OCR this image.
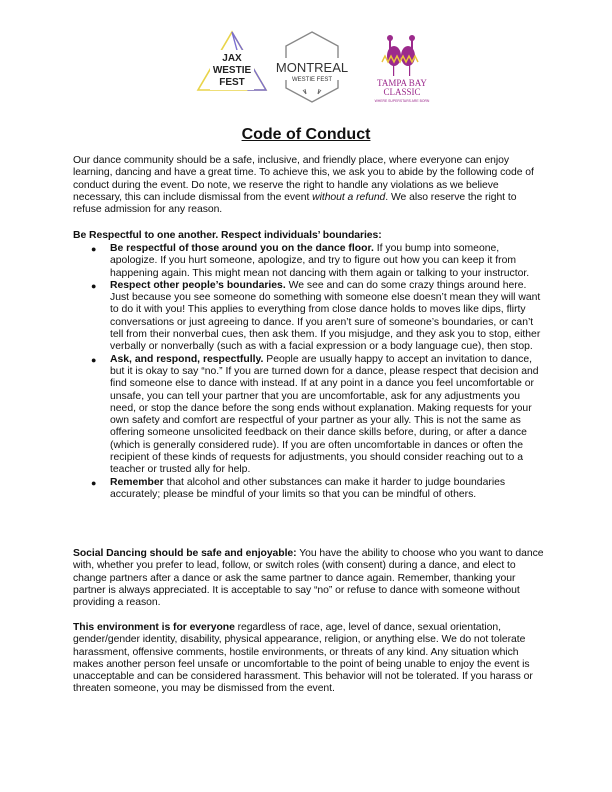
JAX
WESTIE
FEST
MONTREAL
WESTIE FEST	TAMPA BAY
CLASSIC
WHERE SUPERSTARS ARE BORN
Code of Conduct
Our dance community should be a safe, inclusive, and friendly place, where everyone can enjoy learning, dancing and have a great time. To achieve this, we ask you to abide by the following code of conduct during the event. Do note, we reserve the right to handle any violations as we believe necessary, this can include dismissal from the event without a refund. We also reserve the right to refuse admission for any reason.
Be Respectful to one another. Respect individuals’ boundaries:
● Be respectful of those around you on the dance floor. If you bump into someone, apologize. If you hurt someone, apologize, and try to figure out how you can keep it from happening again. This might mean not dancing with them again or talking to your instructor.
● Respect other people’s boundaries. We see and can do some crazy things around here. Just because you see someone do something with someone else doesn’t mean they will want to do it with you! This applies to everything from close dance holds to moves like dips, flirty conversations or just agreeing to dance. If you aren’t sure of someone’s boundaries, or can’t tell from their nonverbal cues, then ask them. If you misjudge, and they ask you to stop, either verbally or nonverbally (such as with a facial expression or a body language cue), then stop.
● Ask, and respond, respectfully. People are usually happy to accept an invitation to dance, but it is okay to say “no.” If you are turned down for a dance, please respect that decision and find someone else to dance with instead. If at any point in a dance you feel uncomfortable or unsafe, you can tell your partner that you are uncomfortable, ask for any adjustments you need, or stop the dance before the song ends without explanation. Making requests for your own safety and comfort are respectful of your partner as your ally. This is not the same as offering someone unsolicited feedback on their dance skills before, during, or after a dance (which is generally considered rude). If you are often uncomfortable in dances or often the recipient of these kinds of requests for adjustments, you should consider reaching out to a teacher or trusted ally for help.
● Remember that alcohol and other substances can make it harder to judge boundaries accurately; please be mindful of your limits so that you can be mindful of others.
Social Dancing should be safe and enjoyable: You have the ability to choose who you want to dance with, whether you prefer to lead, follow, or switch roles (with consent) during a dance, and elect to change partners after a dance or ask the same partner to dance again. Remember, thanking your partner is always appreciated. It is acceptable to say “no” or refuse to dance with someone without providing a reason.
This environment is for everyone regardless of race, age, level of dance, sexual orientation, gender/gender identity, disability, physical appearance, religion, or anything else. We do not tolerate harassment, offensive comments, hostile environments, or threats of any kind. Any situation which makes another person feel unsafe or uncomfortable to the point of being unable to enjoy the event is unacceptable and can be considered harassment. This behavior will not be tolerated. If you harass or threaten someone, you may be dismissed from the event.
